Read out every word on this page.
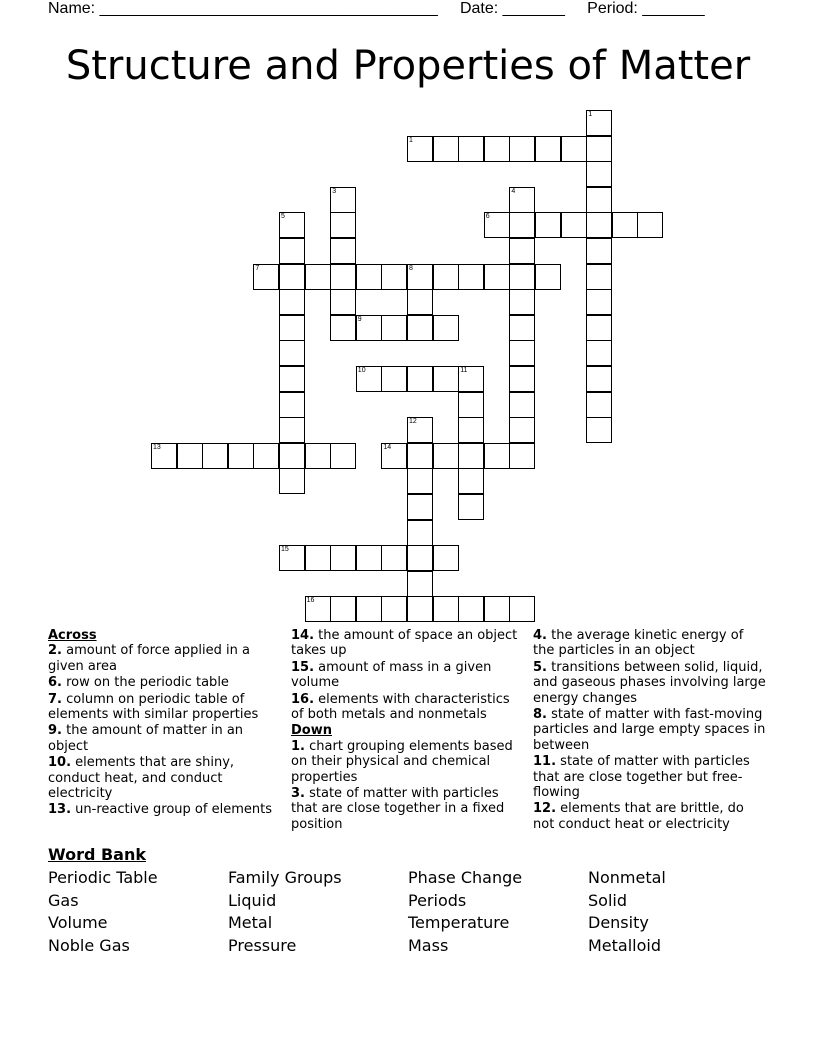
Name: ______________________________________ Date: _______ Period: _______
Structure and Properties of Matter
1
6
7	8
9
10	11
13	14
15
16
1
3	4
5
12
Across
2. amount of force applied in a given area
6. row on the periodic table
7. column on periodic table of elements with similar properties
9. the amount of matter in an object
10. elements that are shiny, conduct heat, and conduct electricity
13. un-reactive group of elements
14. the amount of space an object takes up
15. amount of mass in a given volume
16. elements with characteristics of both metals and nonmetals
Down
1. chart grouping elements based on their physical and chemical properties
3. state of matter with particles that are close together in a fixed position
4. the average kinetic energy of the particles in an object
5. transitions between solid, liquid, and gaseous phases involving large energy changes
8. state of matter with fast-moving particles and large empty spaces in between
11. state of matter with particles that are close together but free-flowing
12. elements that are brittle, do not conduct heat or electricity
Word Bank
Periodic Table	Family Groups	Phase Change	Nonmetal
Gas	Liquid	Periods	Solid
Volume	Metal	Temperature	Density
Noble Gas	Pressure	Mass	Metalloid
